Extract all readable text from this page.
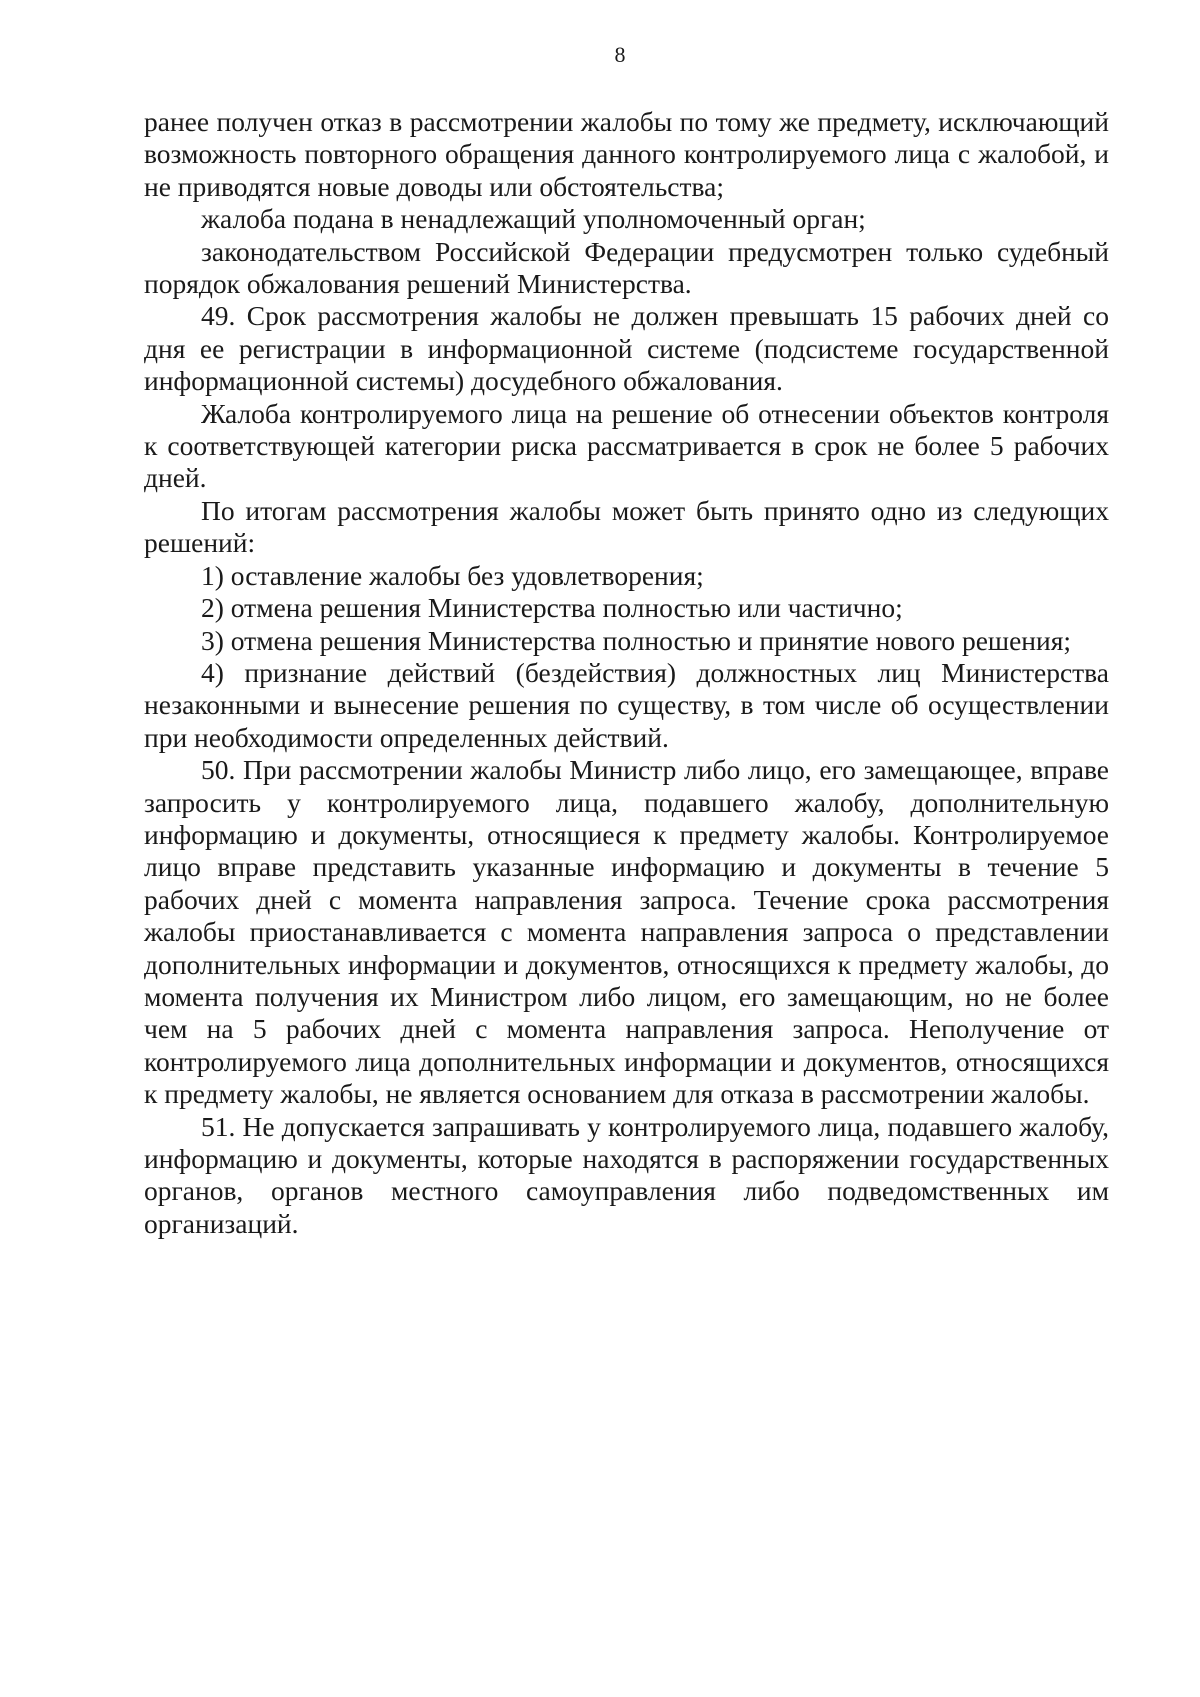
8

ранее получен отказ в рассмотрении жалобы по тому же предмету, исключающий возможность повторного обращения данного контролируемого лица с жалобой, и не приводятся новые доводы или обстоятельства;

жалоба подана в ненадлежащий уполномоченный орган;

законодательством Российской Федерации предусмотрен только судебный порядок обжалования решений Министерства.

49. Срок рассмотрения жалобы не должен превышать 15 рабочих дней со дня ее регистрации в информационной системе (подсистеме государственной информационной системы) досудебного обжалования.

Жалоба контролируемого лица на решение об отнесении объектов контроля к соответствующей категории риска рассматривается в срок не более 5 рабочих дней.

По итогам рассмотрения жалобы может быть принято одно из следующих решений:

1) оставление жалобы без удовлетворения;

2) отмена решения Министерства полностью или частично;

3) отмена решения Министерства полностью и принятие нового решения;

4) признание действий (бездействия) должностных лиц Министерства незаконными и вынесение решения по существу, в том числе об осуществлении при необходимости определенных действий.

50. При рассмотрении жалобы Министр либо лицо, его замещающее, вправе запросить у контролируемого лица, подавшего жалобу, дополнительную информацию и документы, относящиеся к предмету жалобы. Контролируемое лицо вправе представить указанные информацию и документы в течение 5 рабочих дней с момента направления запроса. Течение срока рассмотрения жалобы приостанавливается с момента направления запроса о представлении дополнительных информации и документов, относящихся к предмету жалобы, до момента получения их Министром либо лицом, его замещающим, но не более чем на 5 рабочих дней с момента направления запроса. Неполучение от контролируемого лица дополнительных информации и документов, относящихся к предмету жалобы, не является основанием для отказа в рассмотрении жалобы.

51. Не допускается запрашивать у контролируемого лица, подавшего жалобу, информацию и документы, которые находятся в распоряжении государственных органов, органов местного самоуправления либо подведомственных им организаций.
